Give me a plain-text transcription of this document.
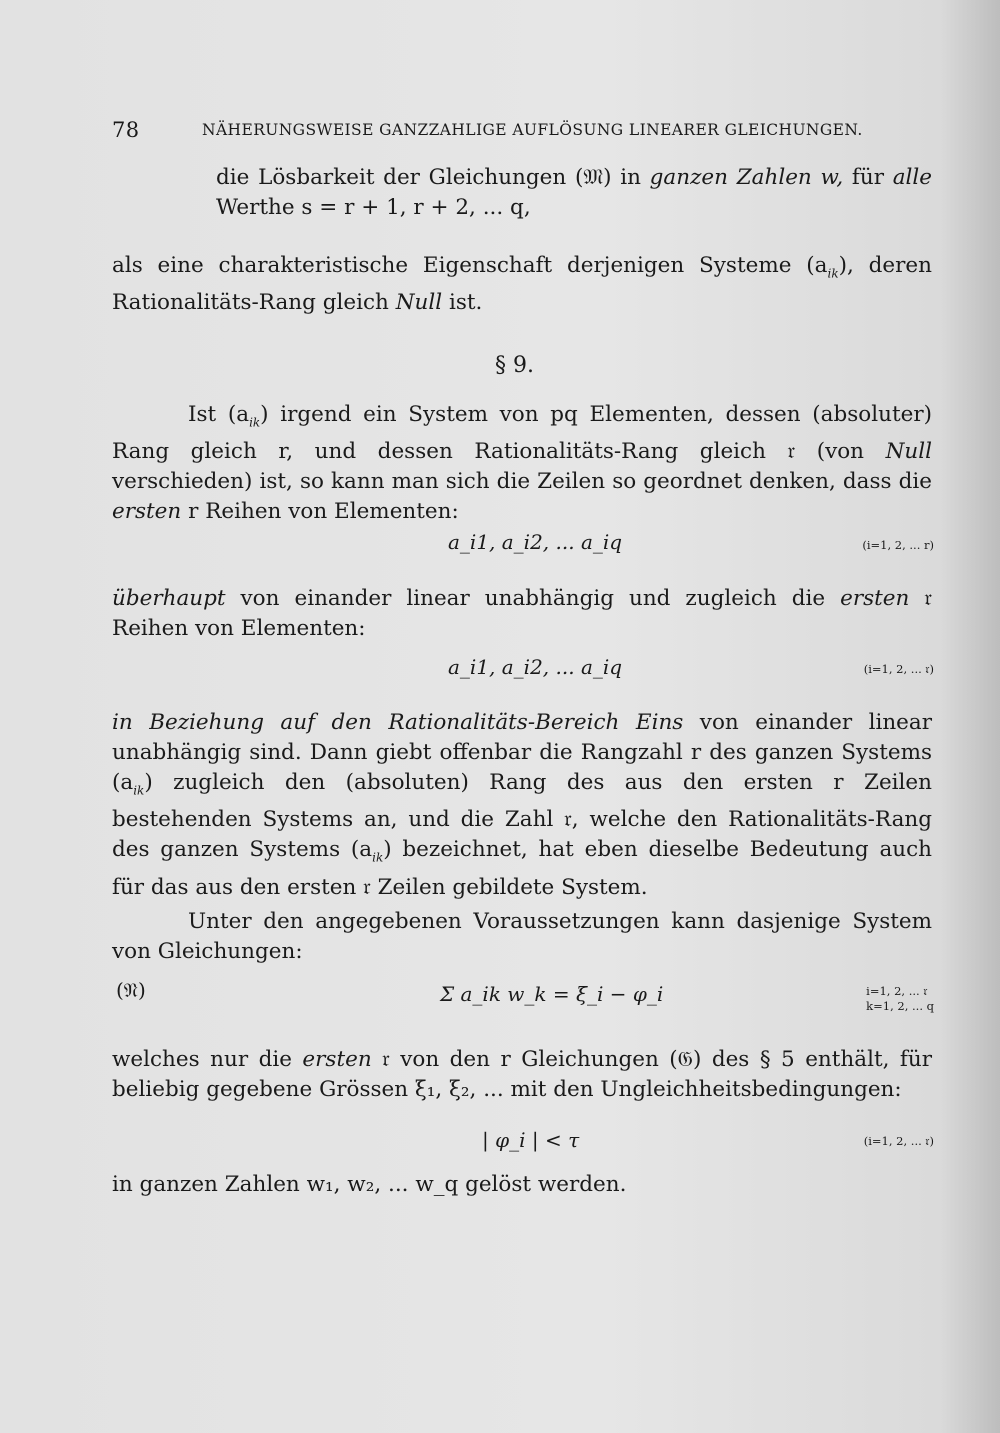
78	NÄHERUNGSWEISE GANZZAHLIGE AUFLÖSUNG LINEARER GLEICHUNGEN.

die Lösbarkeit der Gleichungen (𝔐) in ganzen Zahlen w, für alle

Werthe s = r + 1, r + 2, ... q,

als eine charakteristische Eigenschaft derjenigen Systeme $(a_{ik})$, deren Rationalitäts-Rang gleich Null ist.

§ 9.

Ist $(a_{ik})$ irgend ein System von pq Elementen, dessen (absoluter) Rang gleich r, und dessen Rationalitäts-Rang gleich 𝔯 (von Null verschieden) ist, so kann man sich die Zeilen so geordnet denken, dass die ersten r Reihen von Elementen:

a_i1, a_i2, ... a_iq	(i=1, 2, ... r)

überhaupt von einander linear unabhängig und zugleich die ersten 𝔯 Reihen von Elementen:

a_i1, a_i2, ... a_iq	(i=1, 2, ... 𝔯)

in Beziehung auf den Rationalitäts-Bereich Eins von einander linear unabhängig sind. Dann giebt offenbar die Rangzahl r des ganzen Systems $(a_{ik})$ zugleich den (absoluten) Rang des aus den ersten r Zeilen bestehenden Systems an, und die Zahl 𝔯, welche den Rationalitäts-Rang des ganzen Systems $(a_{ik})$ bezeichnet, hat eben dieselbe Bedeutung auch für das aus den ersten 𝔯 Zeilen gebildete System.

Unter den angegebenen Voraussetzungen kann dasjenige System von Gleichungen:

(𝔑)	Σ a_ik w_k = ξ_i − φ_i	i=1, 2, ... 𝔯
k=1, 2, ... q

welches nur die ersten 𝔯 von den r Gleichungen (𝔊) des § 5 enthält, für beliebig gegebene Grössen ξ₁, ξ₂, ... mit den Ungleichheitsbedingungen:

| φ_i | < τ	(i=1, 2, ... 𝔯)

in ganzen Zahlen w₁, w₂, ... w_q gelöst werden.
